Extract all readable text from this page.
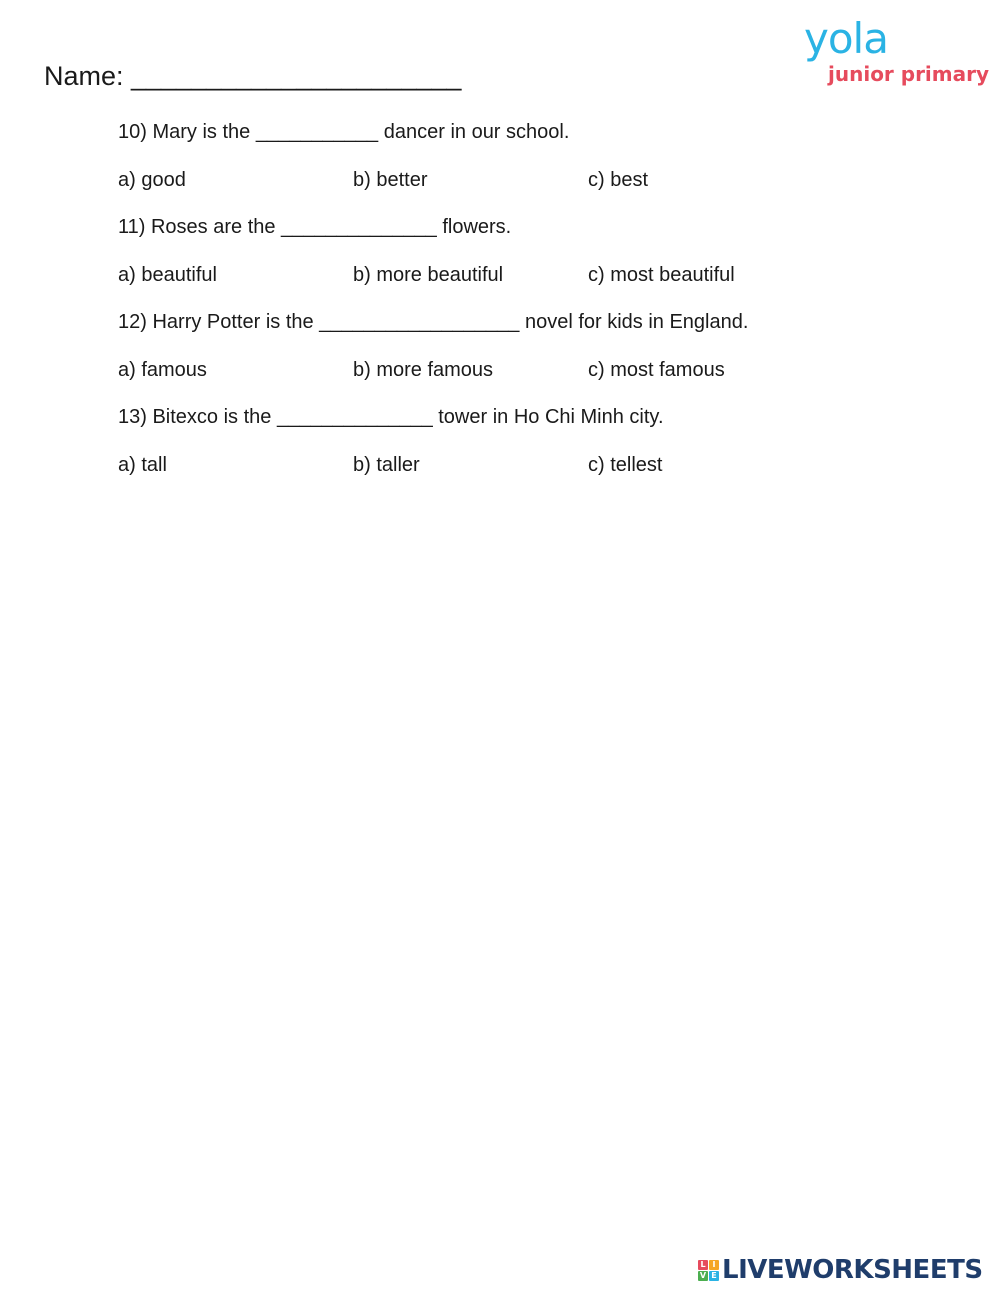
Name: ______________________
yola
junior primary
10) Mary is the ___________ dancer in our school.
a) good	b) better	c) best
11) Roses are the ______________ flowers.
a) beautiful	b) more beautiful	c) most beautiful
12) Harry Potter is the __________________ novel for kids in England.
a) famous	b) more famous	c) most famous
13) Bitexco is the ______________ tower in Ho Chi Minh city.
a) tall	b) taller	c) tellest
L I
V E LIVEWORKSHEETS
